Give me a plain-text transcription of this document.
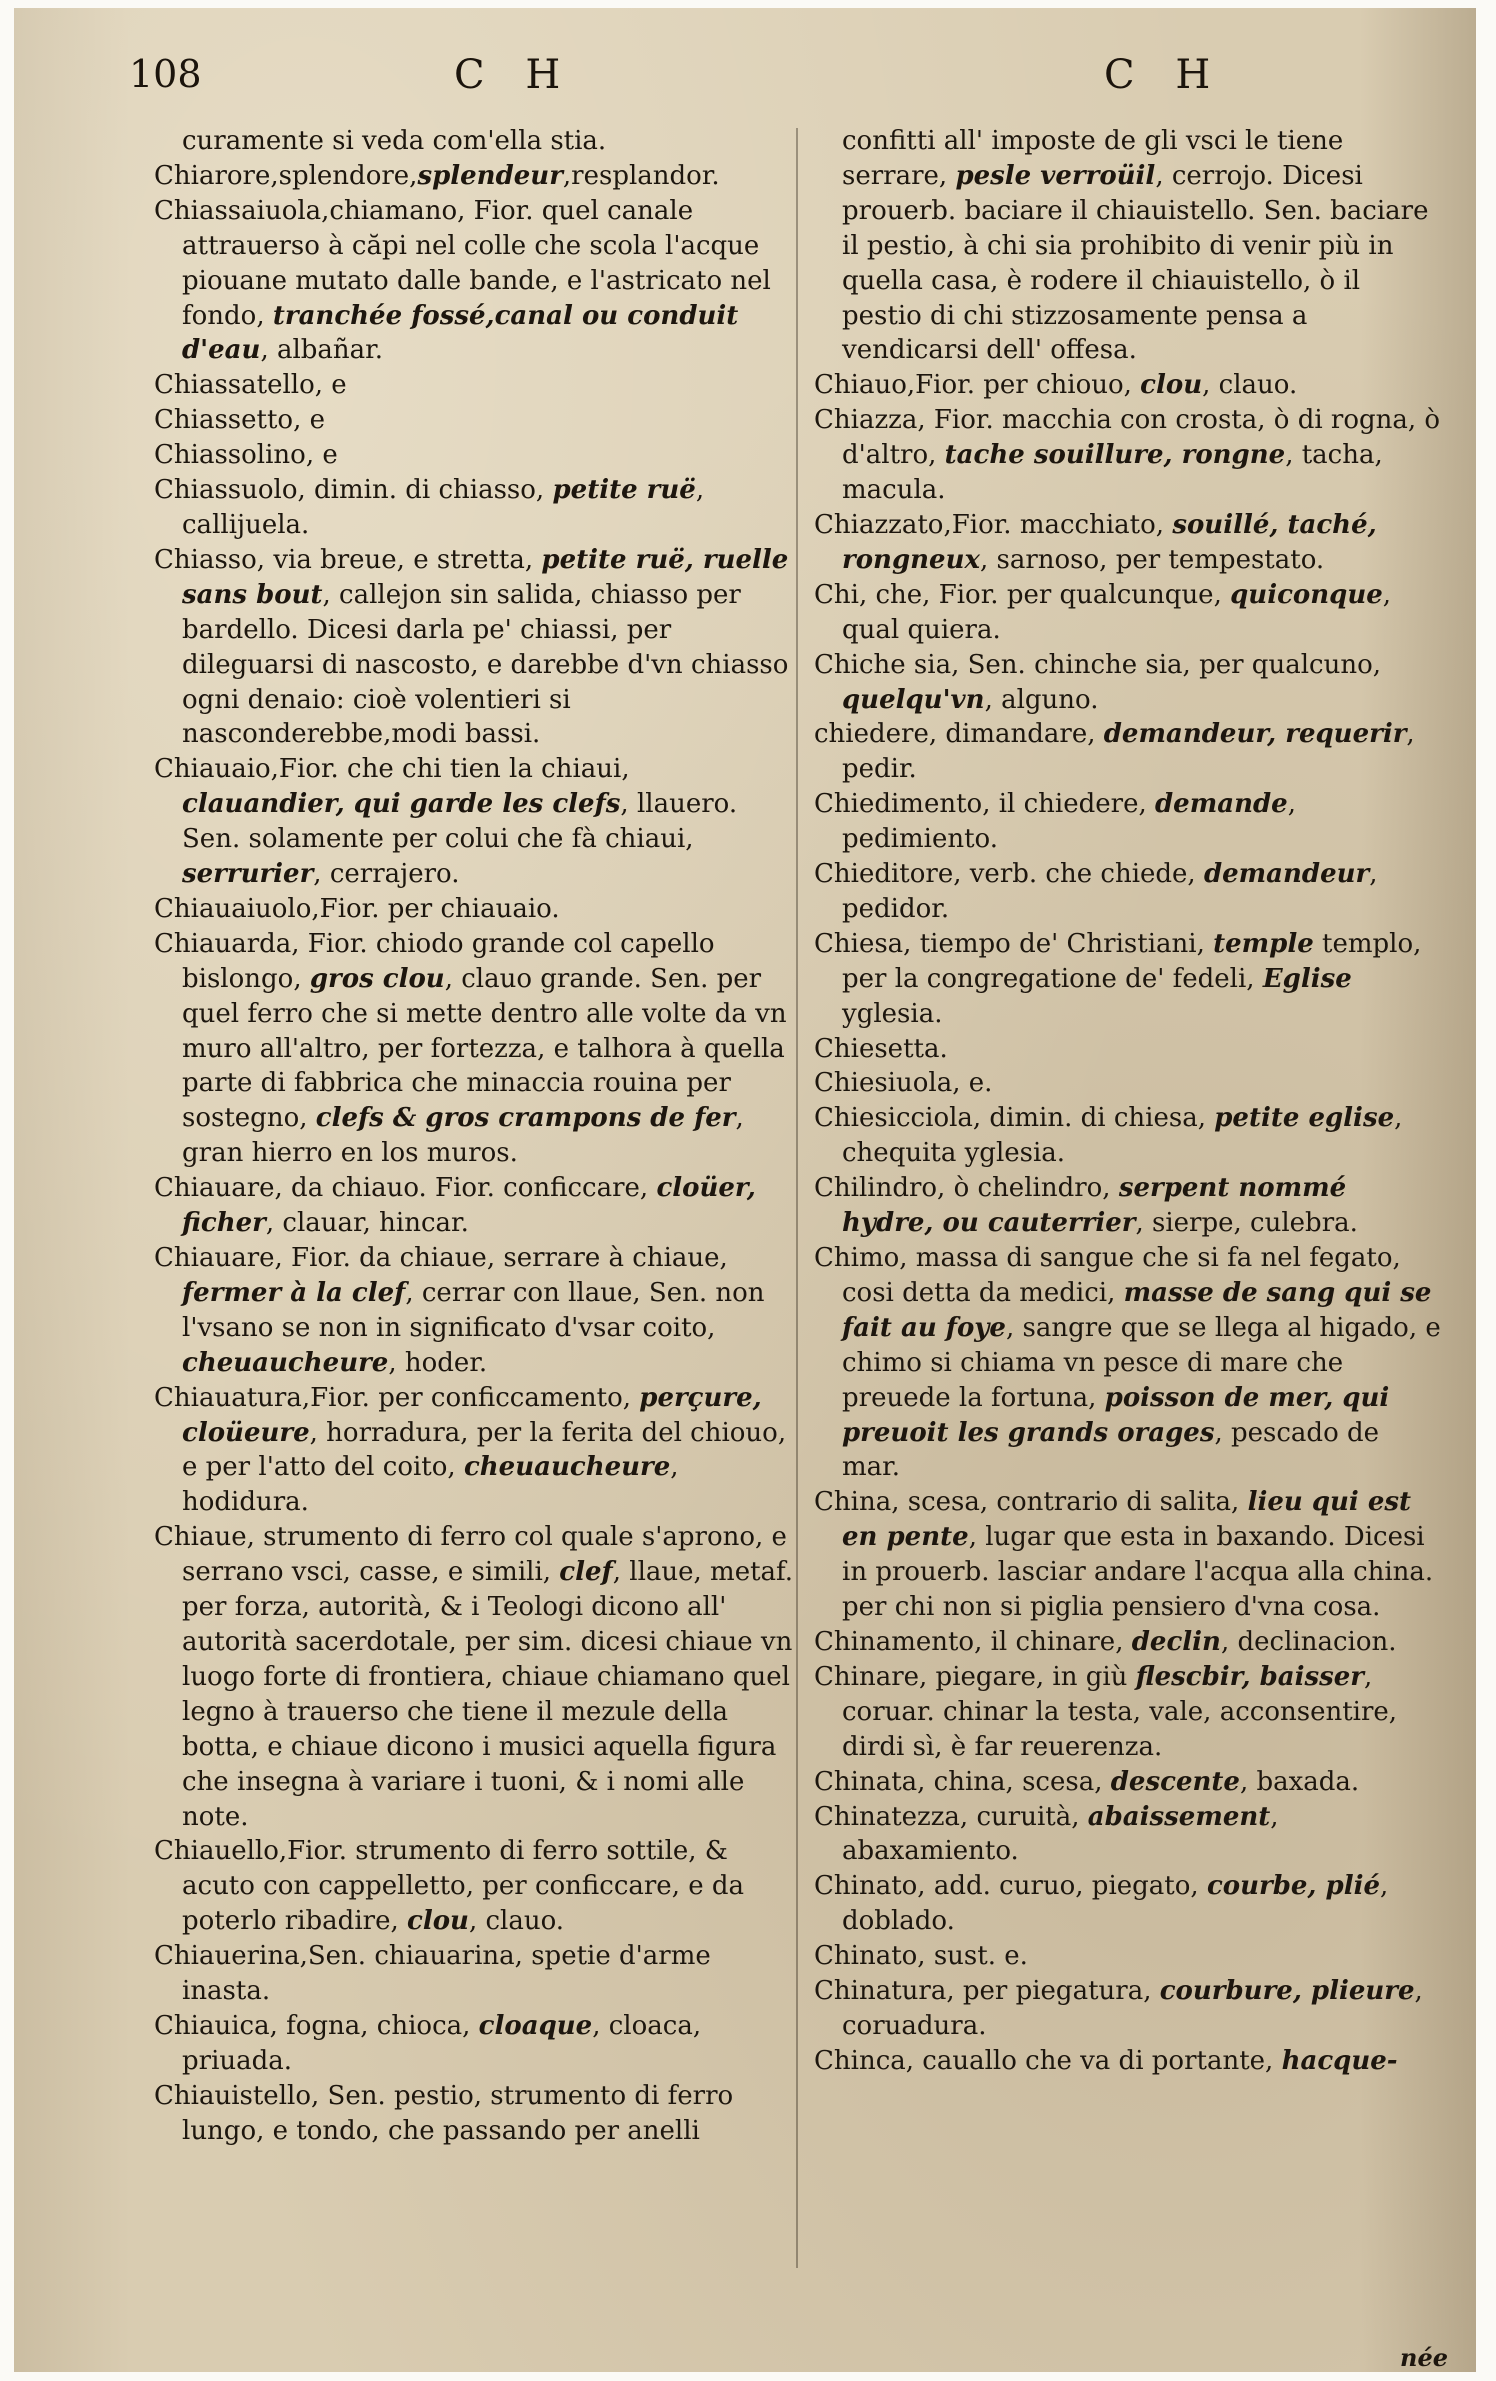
108	C H	C H

curamente si veda com'ella stia.

Chiarore,splendore,splendeur,resplandor.

Chiassaiuola,chiamano, Fior. quel canale attrauerso à căpi nel colle che scola l'acque piouane mutato dalle bande, e l'astricato nel fondo, tranchée fossé,canal ou conduit d'eau, albañar.

Chiassatello, e

Chiassetto, e

Chiassolino, e

Chiassuolo, dimin. di chiasso, petite ruë, callijuela.

Chiasso, via breue, e stretta, petite ruë, ruelle sans bout, callejon sin salida, chiasso per bardello. Dicesi darla pe' chiassi, per dileguarsi di nascosto, e darebbe d'vn chiasso ogni denaio: cioè volentieri si nasconderebbe,modi bassi.

Chiauaio,Fior. che chi tien la chiaui, clauandier, qui garde les clefs, llauero. Sen. solamente per colui che fà chiaui, serrurier, cerrajero.

Chiauaiuolo,Fior. per chiauaio.

Chiauarda, Fior. chiodo grande col capello bislongo, gros clou, clauo grande. Sen. per quel ferro che si mette dentro alle volte da vn muro all'altro, per fortezza, e talhora à quella parte di fabbrica che minaccia rouina per sostegno, clefs & gros crampons de fer, gran hierro en los muros.

Chiauare, da chiauo. Fior. conficcare, cloüer, ficher, clauar, hincar.

Chiauare, Fior. da chiaue, serrare à chiaue, fermer à la clef, cerrar con llaue, Sen. non l'vsano se non in significato d'vsar coito, cheuaucheure, hoder.

Chiauatura,Fior. per conficcamento, perçure, cloüeure, horradura, per la ferita del chiouo, e per l'atto del coito, cheuaucheure, hodidura.

Chiaue, strumento di ferro col quale s'aprono, e serrano vsci, casse, e simili, clef, llaue, metaf. per forza, autorità, & i Teologi dicono all' autorità sacerdotale, per sim. dicesi chiaue vn luogo forte di frontiera, chiaue chiamano quel legno à trauerso che tiene il mezule della botta, e chiaue dicono i musici aquella figura che insegna à variare i tuoni, & i nomi alle note.

Chiauello,Fior. strumento di ferro sottile, & acuto con cappelletto, per conficcare, e da poterlo ribadire, clou, clauo.

Chiauerina,Sen. chiauarina, spetie d'arme inasta.

Chiauica, fogna, chioca, cloaque, cloaca, priuada.

Chiauistello, Sen. pestio, strumento di ferro lungo, e tondo, che passando per anelli

confitti all' imposte de gli vsci le tiene serrare, pesle verroüil, cerrojo. Dicesi prouerb. baciare il chiauistello. Sen. baciare il pestio, à chi sia prohibito di venir più in quella casa, è rodere il chiauistello, ò il pestio di chi stizzosamente pensa a vendicarsi dell' offesa.

Chiauo,Fior. per chiouo, clou, clauo.

Chiazza, Fior. macchia con crosta, ò di rogna, ò d'altro, tache souillure, rongne, tacha, macula.

Chiazzato,Fior. macchiato, souillé, taché, rongneux, sarnoso, per tempestato.

Chi, che, Fior. per qualcunque, quiconque, qual quiera.

Chiche sia, Sen. chinche sia, per qualcuno, quelqu'vn, alguno.

chiedere, dimandare, demandeur, requerir, pedir.

Chiedimento, il chiedere, demande, pedimiento.

Chieditore, verb. che chiede, demandeur, pedidor.

Chiesa, tiempo de' Christiani, temple templo, per la congregatione de' fedeli, Eglise yglesia.

Chiesetta.

Chiesiuola, e.

Chiesicciola, dimin. di chiesa, petite eglise, chequita yglesia.

Chilindro, ò chelindro, serpent nommé hydre, ou cauterrier, sierpe, culebra.

Chimo, massa di sangue che si fa nel fegato, cosi detta da medici, masse de sang qui se fait au foye, sangre que se llega al higado, e chimo si chiama vn pesce di mare che preuede la fortuna, poisson de mer, qui preuoit les grands orages, pescado de mar.

China, scesa, contrario di salita, lieu qui est en pente, lugar que esta in baxando. Dicesi in prouerb. lasciar andare l'acqua alla china. per chi non si piglia pensiero d'vna cosa.

Chinamento, il chinare, declin, declinacion.

Chinare, piegare, in giù flescbir, baisser, coruar. chinar la testa, vale, acconsentire, dirdi sì, è far reuerenza.

Chinata, china, scesa, descente, baxada.

Chinatezza, curuità, abaissement, abaxamiento.

Chinato, add. curuo, piegato, courbe, plié, doblado.

Chinato, sust. e.

Chinatura, per piegatura, courbure, plieure, coruadura.

Chinca, cauallo che va di portante, hacque-

née
